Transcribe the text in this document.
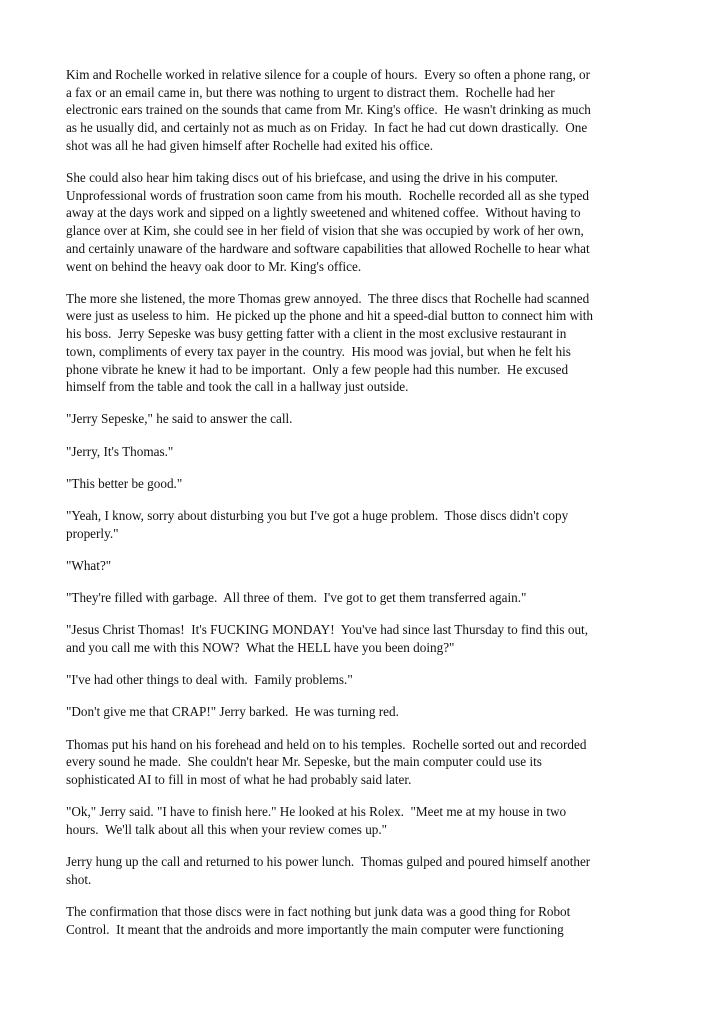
Kim and Rochelle worked in relative silence for a couple of hours.  Every so often a phone rang, or
a fax or an email came in, but there was nothing to urgent to distract them.  Rochelle had her
electronic ears trained on the sounds that came from Mr. King's office.  He wasn't drinking as much
as he usually did, and certainly not as much as on Friday.  In fact he had cut down drastically.  One
shot was all he had given himself after Rochelle had exited his office.

She could also hear him taking discs out of his briefcase, and using the drive in his computer.
Unprofessional words of frustration soon came from his mouth.  Rochelle recorded all as she typed
away at the days work and sipped on a lightly sweetened and whitened coffee.  Without having to
glance over at Kim, she could see in her field of vision that she was occupied by work of her own,
and certainly unaware of the hardware and software capabilities that allowed Rochelle to hear what
went on behind the heavy oak door to Mr. King's office.

The more she listened, the more Thomas grew annoyed.  The three discs that Rochelle had scanned
were just as useless to him.  He picked up the phone and hit a speed-dial button to connect him with
his boss.  Jerry Sepeske was busy getting fatter with a client in the most exclusive restaurant in
town, compliments of every tax payer in the country.  His mood was jovial, but when he felt his
phone vibrate he knew it had to be important.  Only a few people had this number.  He excused
himself from the table and took the call in a hallway just outside.

"Jerry Sepeske," he said to answer the call.

"Jerry, It's Thomas."

"This better be good."

"Yeah, I know, sorry about disturbing you but I've got a huge problem.  Those discs didn't copy
properly."

"What?"

"They're filled with garbage.  All three of them.  I've got to get them transferred again."

"Jesus Christ Thomas!  It's FUCKING MONDAY!  You've had since last Thursday to find this out,
and you call me with this NOW?  What the HELL have you been doing?"

"I've had other things to deal with.  Family problems."

"Don't give me that CRAP!" Jerry barked.  He was turning red.

Thomas put his hand on his forehead and held on to his temples.  Rochelle sorted out and recorded
every sound he made.  She couldn't hear Mr. Sepeske, but the main computer could use its
sophisticated AI to fill in most of what he had probably said later.

"Ok," Jerry said. "I have to finish here." He looked at his Rolex.  "Meet me at my house in two
hours.  We'll talk about all this when your review comes up."

Jerry hung up the call and returned to his power lunch.  Thomas gulped and poured himself another
shot.

The confirmation that those discs were in fact nothing but junk data was a good thing for Robot
Control.  It meant that the androids and more importantly the main computer were functioning
